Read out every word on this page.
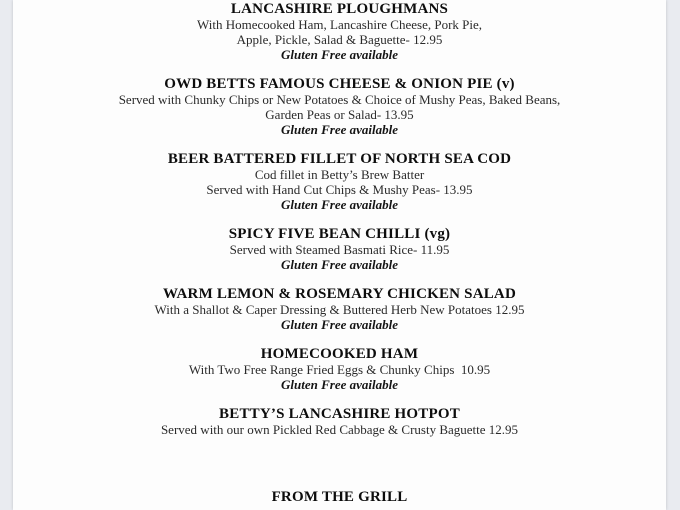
LANCASHIRE PLOUGHMANS
With Homecooked Ham, Lancashire Cheese, Pork Pie,
Apple, Pickle, Salad & Baguette- 12.95
Gluten Free available
OWD BETTS FAMOUS CHEESE & ONION PIE (v)
Served with Chunky Chips or New Potatoes & Choice of Mushy Peas, Baked Beans,
Garden Peas or Salad- 13.95
Gluten Free available
BEER BATTERED FILLET OF NORTH SEA COD
Cod fillet in Betty’s Brew Batter
Served with Hand Cut Chips & Mushy Peas- 13.95
Gluten Free available
SPICY FIVE BEAN CHILLI (vg)
Served with Steamed Basmati Rice- 11.95
Gluten Free available
WARM LEMON & ROSEMARY CHICKEN SALAD
With a Shallot & Caper Dressing & Buttered Herb New Potatoes 12.95
Gluten Free available
HOMECOOKED HAM
With Two Free Range Fried Eggs & Chunky Chips  10.95
Gluten Free available
BETTY’S LANCASHIRE HOTPOT
Served with our own Pickled Red Cabbage & Crusty Baguette 12.95
FROM THE GRILL
